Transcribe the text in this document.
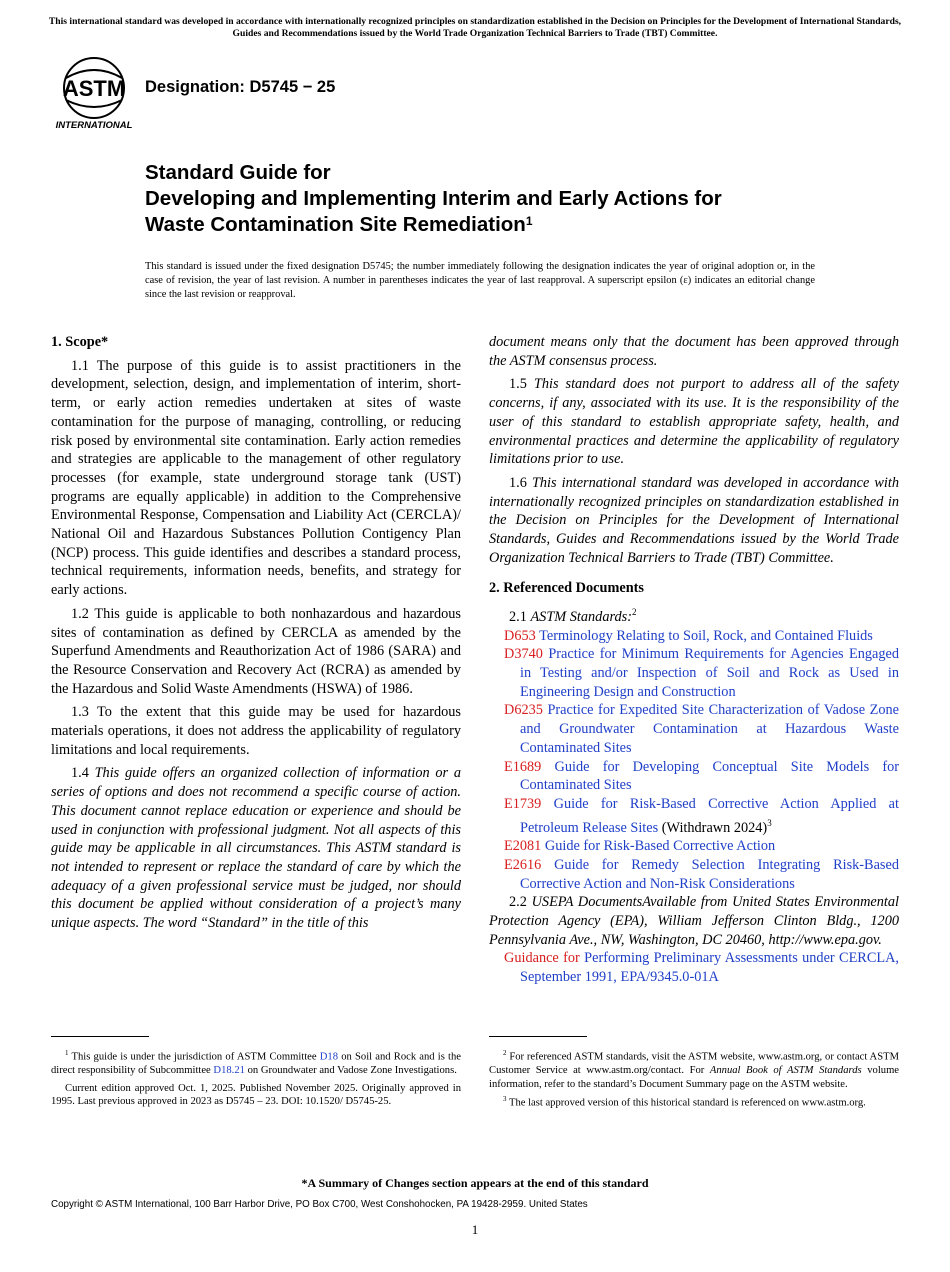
This international standard was developed in accordance with internationally recognized principles on standardization established in the Decision on Principles for the Development of International Standards, Guides and Recommendations issued by the World Trade Organization Technical Barriers to Trade (TBT) Committee.
ASTM
INTERNATIONAL
Designation: D5745 − 25
Standard Guide for
Developing and Implementing Interim and Early Actions for
Waste Contamination Site Remediation$^1$
This standard is issued under the fixed designation D5745; the number immediately following the designation indicates the year of original adoption or, in the case of revision, the year of last revision. A number in parentheses indicates the year of last reapproval. A superscript epsilon (ε) indicates an editorial change since the last revision or reapproval.

1. Scope*

1.1 The purpose of this guide is to assist practitioners in the development, selection, design, and implementation of interim, short-term, or early action remedies undertaken at sites of waste contamination for the purpose of managing, controlling, or reducing risk posed by environmental site contamination. Early action remedies and strategies are applicable to the management of other regulatory processes (for example, state underground storage tank (UST) programs are equally applicable) in addition to the Comprehensive Environmental Response, Compensation and Liability Act (CERCLA)/ National Oil and Hazardous Substances Pollution Contigency Plan (NCP) process. This guide identifies and describes a standard process, technical requirements, information needs, benefits, and strategy for early actions.

1.2 This guide is applicable to both nonhazardous and hazardous sites of contamination as defined by CERCLA as amended by the Superfund Amendments and Reauthorization Act of 1986 (SARA) and the Resource Conservation and Recovery Act (RCRA) as amended by the Hazardous and Solid Waste Amendments (HSWA) of 1986.

1.3 To the extent that this guide may be used for hazardous materials operations, it does not address the applicability of regulatory limitations and local requirements.

1.4 This guide offers an organized collection of information or a series of options and does not recommend a specific course of action. This document cannot replace education or experience and should be used in conjunction with professional judgment. Not all aspects of this guide may be applicable in all circumstances. This ASTM standard is not intended to represent or replace the standard of care by which the adequacy of a given professional service must be judged, nor should this document be applied without consideration of a project’s many unique aspects. The word “Standard” in the title of this

document means only that the document has been approved through the ASTM consensus process.

1.5 This standard does not purport to address all of the safety concerns, if any, associated with its use. It is the responsibility of the user of this standard to establish appropriate safety, health, and environmental practices and determine the applicability of regulatory limitations prior to use.

1.6 This international standard was developed in accordance with internationally recognized principles on standardization established in the Decision on Principles for the Development of International Standards, Guides and Recommendations issued by the World Trade Organization Technical Barriers to Trade (TBT) Committee.

2. Referenced Documents

2.1 ASTM Standards:$^2$

D653 Terminology Relating to Soil, Rock, and Contained Fluids

D3740 Practice for Minimum Requirements for Agencies Engaged in Testing and/or Inspection of Soil and Rock as Used in Engineering Design and Construction

D6235 Practice for Expedited Site Characterization of Vadose Zone and Groundwater Contamination at Hazardous Waste Contaminated Sites

E1689 Guide for Developing Conceptual Site Models for Contaminated Sites

E1739 Guide for Risk-Based Corrective Action Applied at Petroleum Release Sites (Withdrawn 2024)$^3$

E2081 Guide for Risk-Based Corrective Action

E2616 Guide for Remedy Selection Integrating Risk-Based Corrective Action and Non-Risk Considerations

2.2 USEPA DocumentsAvailable from United States Environmental Protection Agency (EPA), William Jefferson Clinton Bldg., 1200 Pennsylvania Ave., NW, Washington, DC 20460, http://www.epa.gov.

Guidance for Performing Preliminary Assessments under CERCLA, September 1991, EPA/9345.0-01A

$^1$ This guide is under the jurisdiction of ASTM Committee D18 on Soil and Rock and is the direct responsibility of Subcommittee D18.21 on Groundwater and Vadose Zone Investigations.

Current edition approved Oct. 1, 2025. Published November 2025. Originally approved in 1995. Last previous approved in 2023 as D5745 – 23. DOI: 10.1520/ D5745-25.

$^2$ For referenced ASTM standards, visit the ASTM website, www.astm.org, or contact ASTM Customer Service at www.astm.org/contact. For Annual Book of ASTM Standards volume information, refer to the standard’s Document Summary page on the ASTM website.

$^3$ The last approved version of this historical standard is referenced on www.astm.org.

*A Summary of Changes section appears at the end of this standard
Copyright © ASTM International, 100 Barr Harbor Drive, PO Box C700, West Conshohocken, PA 19428-2959. United States
1
